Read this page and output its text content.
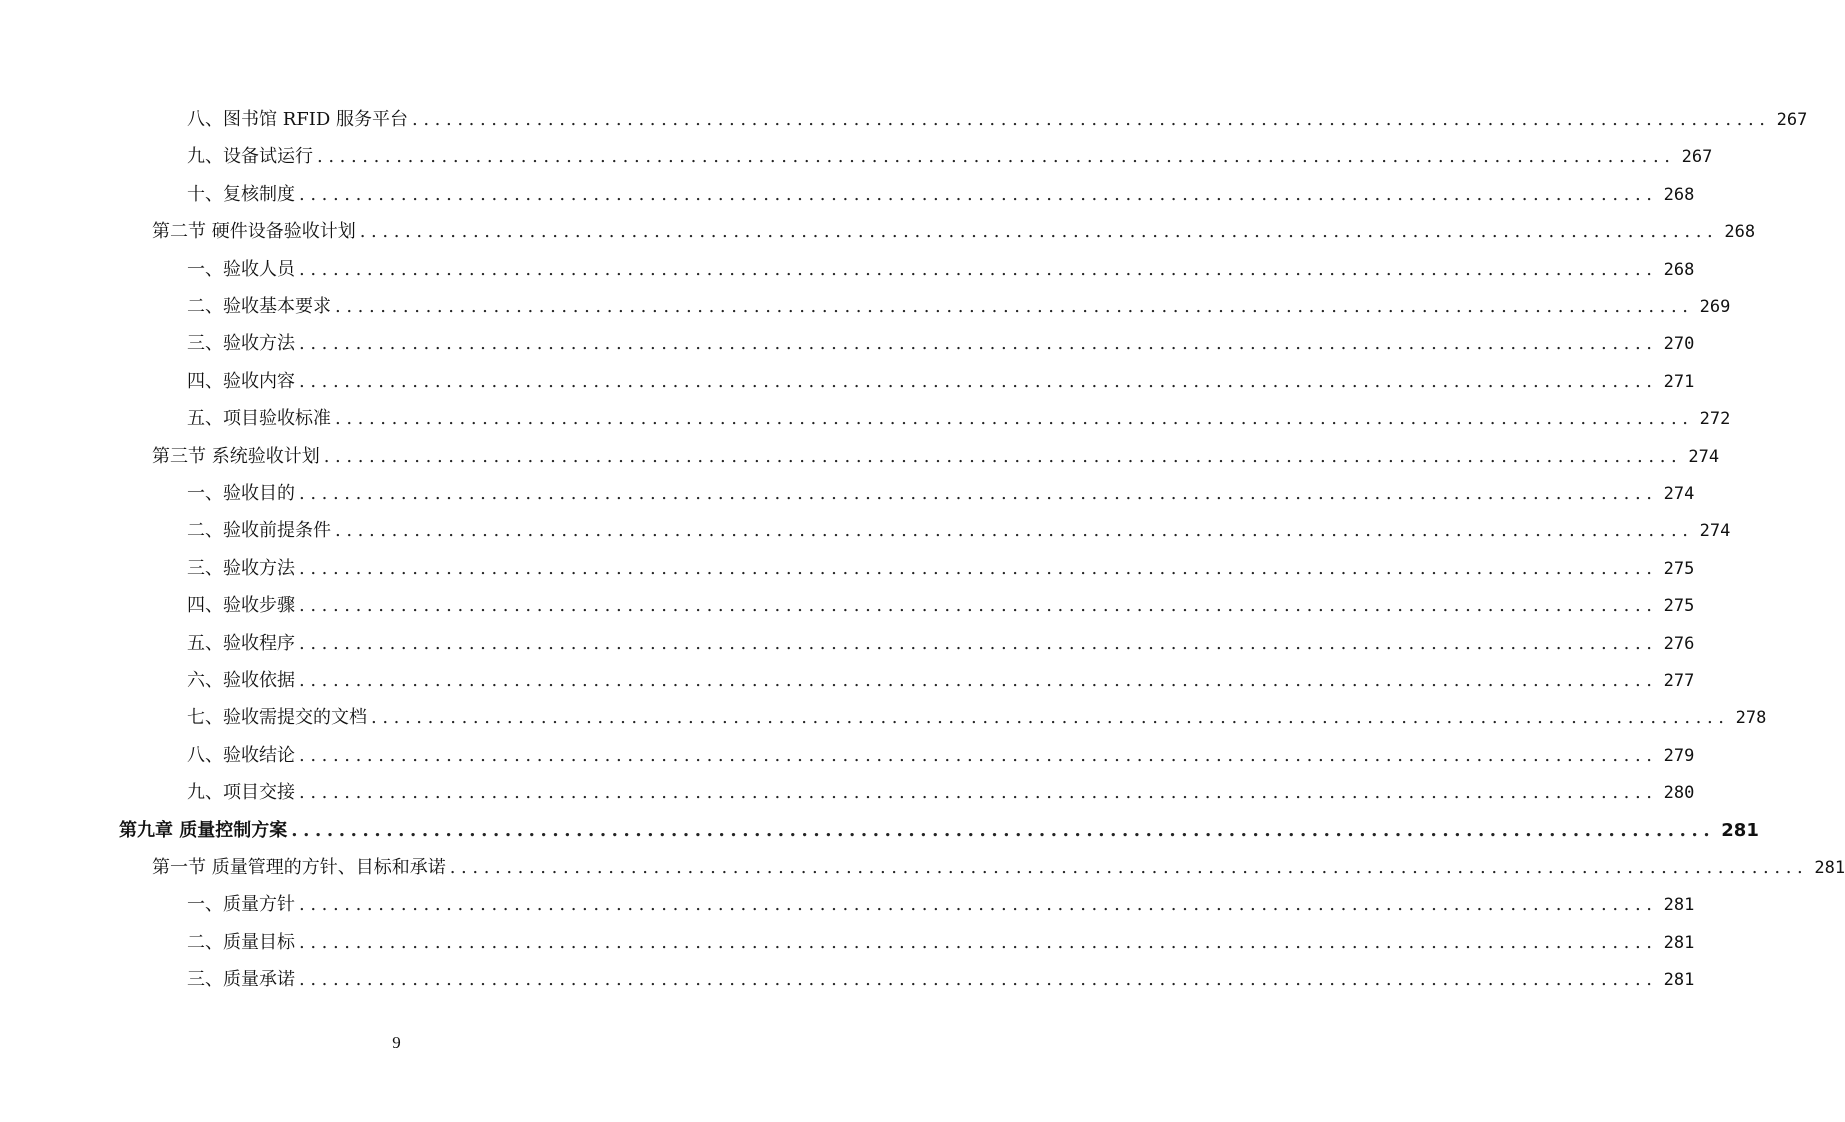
八、图书馆 RFID 服务平台 ........................................................................................................................ 267
九、设备试运行 ........................................................................................................................ 267
十、复核制度 ........................................................................................................................ 268
第二节 硬件设备验收计划 ........................................................................................................................ 268
一、验收人员 ........................................................................................................................ 268
二、验收基本要求 ........................................................................................................................ 269
三、验收方法 ........................................................................................................................ 270
四、验收内容 ........................................................................................................................ 271
五、项目验收标准 ........................................................................................................................ 272
第三节 系统验收计划 ........................................................................................................................ 274
一、验收目的 ........................................................................................................................ 274
二、验收前提条件 ........................................................................................................................ 274
三、验收方法 ........................................................................................................................ 275
四、验收步骤 ........................................................................................................................ 275
五、验收程序 ........................................................................................................................ 276
六、验收依据 ........................................................................................................................ 277
七、验收需提交的文档 ........................................................................................................................ 278
八、验收结论 ........................................................................................................................ 279
九、项目交接 ........................................................................................................................ 280
第九章 质量控制方案 ........................................................................................................................ 281
第一节 质量管理的方针、目标和承诺 ........................................................................................................................ 281
一、质量方针 ........................................................................................................................ 281
二、质量目标 ........................................................................................................................ 281
三、质量承诺 ........................................................................................................................ 281
9
